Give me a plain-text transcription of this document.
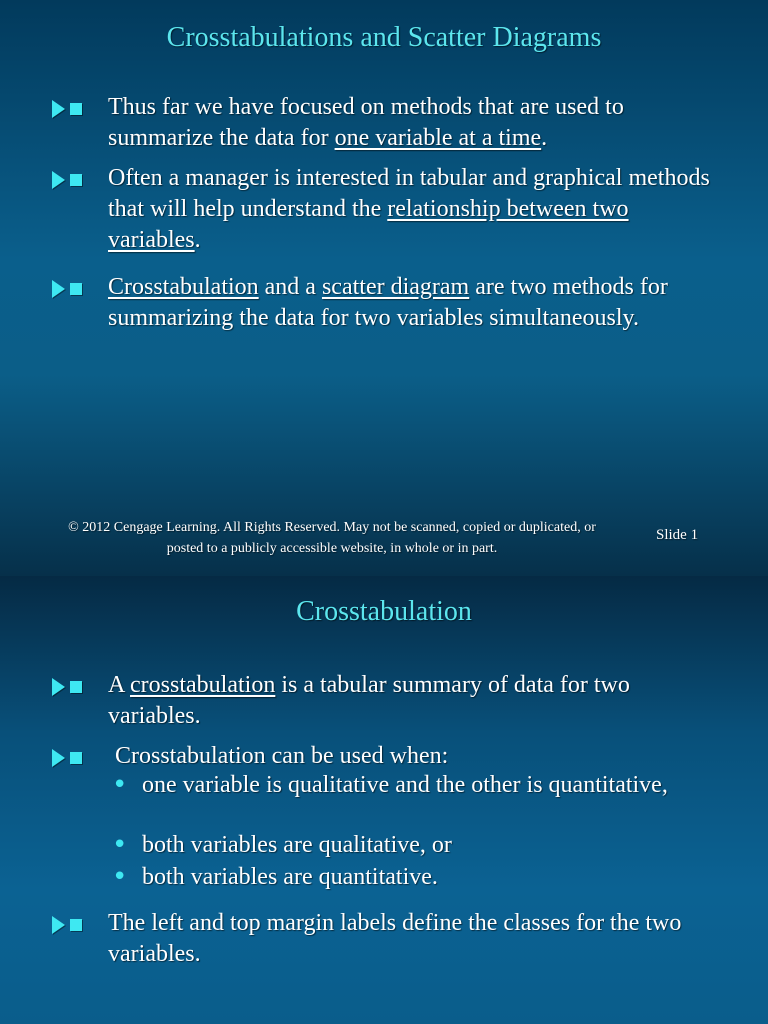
Crosstabulations and Scatter Diagrams
Thus far we have focused on methods that are used to summarize the data for one variable at a time.
Often a manager is interested in tabular and graphical methods that will help understand the relationship between two variables.
Crosstabulation and a scatter diagram are two methods for summarizing the data for two variables simultaneously.
© 2012 Cengage Learning. All Rights Reserved. May not be scanned, copied or duplicated, or posted to a publicly accessible website, in whole or in part.
Slide 1
Crosstabulation
A crosstabulation is a tabular summary of data for two variables.
Crosstabulation can be used when:
• one variable is qualitative and the other is quantitative,
• both variables are qualitative, or
• both variables are quantitative.
The left and top margin labels define the classes for the two variables.
